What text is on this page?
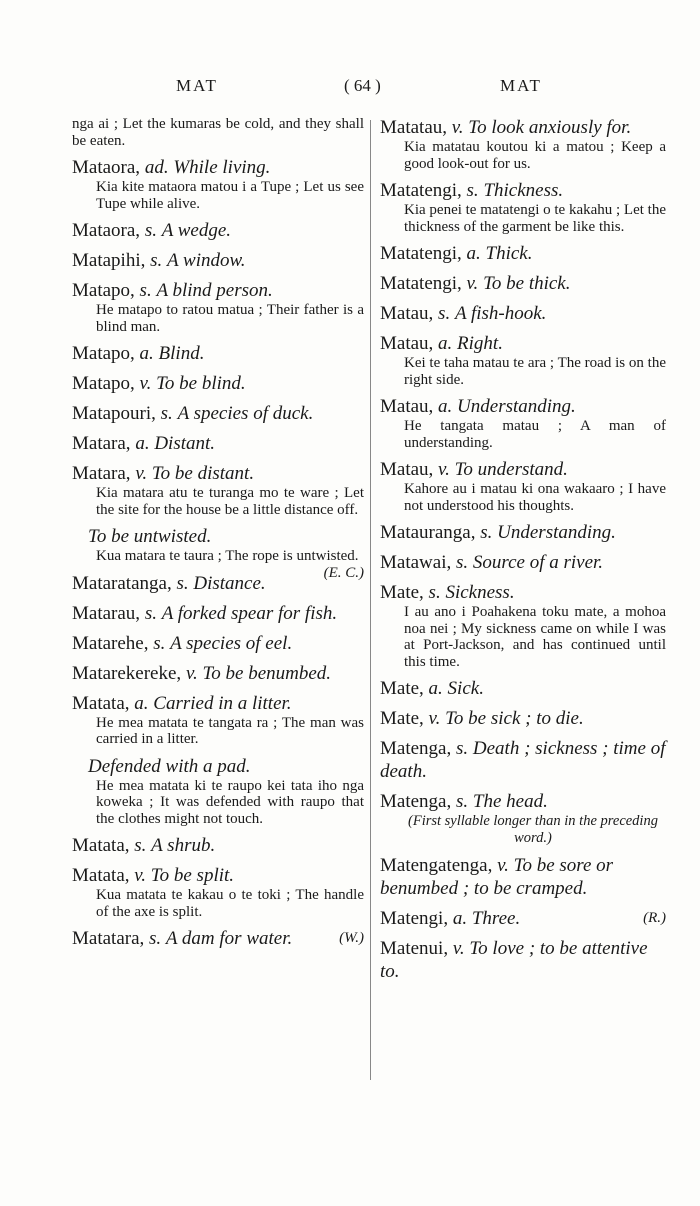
MAT	( 64 )	MAT
nga ai ; Let the kumaras be cold, and they shall be eaten.
Mataora, ad. While living.
Kia kite mataora matou i a Tupe ; Let us see Tupe while alive.
Mataora, s. A wedge.
Matapihi, s. A window.
Matapo, s. A blind person.
He matapo to ratou matua ; Their father is a blind man.
Matapo, a. Blind.
Matapo, v. To be blind.
Matapouri, s. A species of duck.
Matara, a. Distant.
Matara, v. To be distant.
Kia matara atu te turanga mo te ware ; Let the site for the house be a little distance off.
To be untwisted.
Kua matara te taura ; The rope is untwisted.
(E. C.)
Mataratanga, s. Distance.
Matarau, s. A forked spear for fish.
Matarehe, s. A species of eel.
Matarekereke, v. To be benumbed.
Matata, a. Carried in a litter.
He mea matata te tangata ra ; The man was carried in a litter.
Defended with a pad.
He mea matata ki te raupo kei tata iho nga koweka ; It was defended with raupo that the clothes might not touch.
Matata, s. A shrub.
Matata, v. To be split.
Kua matata te kakau o te toki ; The handle of the axe is split.
Matatara, s. A dam for water.	(W.)
Matatau, v. To look anxiously for.
Kia matatau koutou ki a matou ; Keep a good look-out for us.
Matatengi, s. Thickness.
Kia penei te matatengi o te kakahu ; Let the thickness of the garment be like this.
Matatengi, a. Thick.
Matatengi, v. To be thick.
Matau, s. A fish-hook.
Matau, a. Right.
Kei te taha matau te ara ; The road is on the right side.
Matau, a. Understanding.
He tangata matau ; A man of understanding.
Matau, v. To understand.
Kahore au i matau ki ona wakaaro ; I have not understood his thoughts.
Matauranga, s. Understanding.
Matawai, s. Source of a river.
Mate, s. Sickness.
I au ano i Poahakena toku mate, a mohoa noa nei ; My sickness came on while I was at Port-Jackson, and has continued until this time.
Mate, a. Sick.
Mate, v. To be sick ; to die.
Matenga, s. Death ; sickness ; time of death.
Matenga, s. The head.
(First syllable longer than in the preceding word.)
Matengatenga, v. To be sore or benumbed ; to be cramped.
Matengi, a. Three.	(R.)
Matenui, v. To love ; to be attentive to.
